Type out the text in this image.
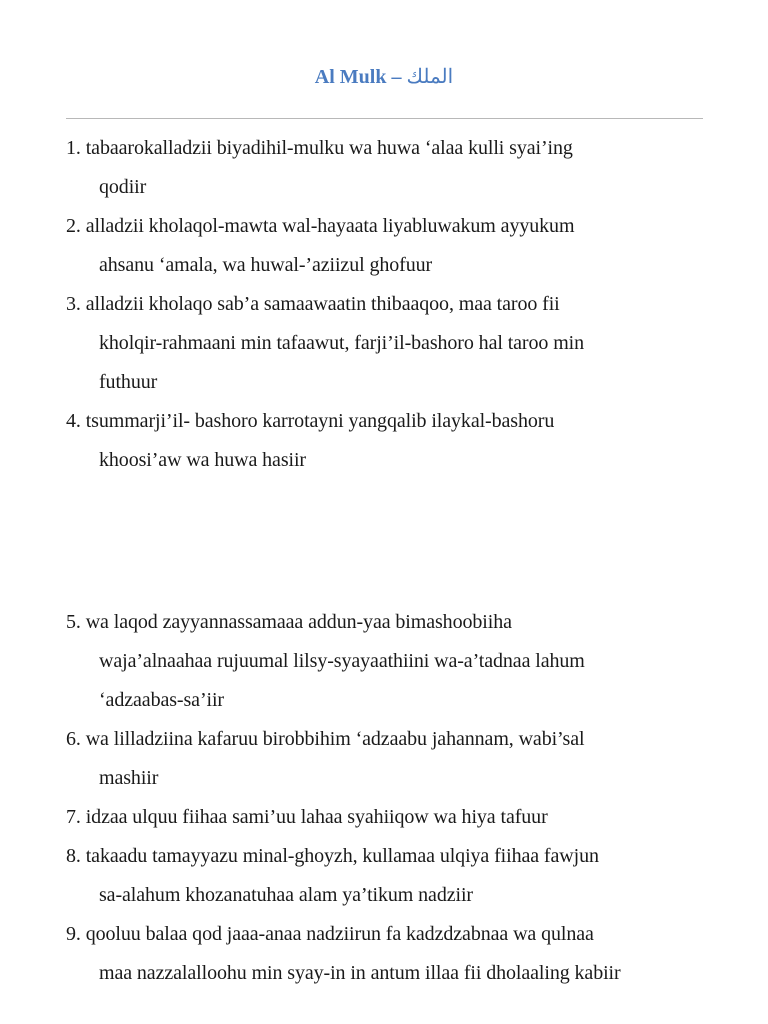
Al Mulk – الملك
1. tabaarokalladzii biyadihil-mulku wa huwa ‘alaa kulli syai’ing
qodiir
2. alladzii kholaqol-mawta wal-hayaata liyabluwakum ayyukum
ahsanu ‘amala, wa huwal-’aziizul ghofuur
3. alladzii kholaqo sab’a samaawaatin thibaaqoo, maa taroo fii
kholqir-rahmaani min tafaawut, farji’il-bashoro hal taroo min
futhuur
4. tsummarji’il- bashoro karrotayni yangqalib ilaykal-bashoru
khoosi’aw wa huwa hasiir
5. wa laqod zayyannassamaaa addun-yaa bimashoobiiha
waja’alnaahaa rujuumal lilsy-syayaathiini wa-a’tadnaa lahum
‘adzaabas-sa’iir
6. wa lilladziina kafaruu birobbihim ‘adzaabu jahannam, wabi’sal
mashiir
7. idzaa ulquu fiihaa sami’uu lahaa syahiiqow wa hiya tafuur
8. takaadu tamayyazu minal-ghoyzh, kullamaa ulqiya fiihaa fawjun
sa-alahum khozanatuhaa alam ya’tikum nadziir
9. qooluu balaa qod jaaa-anaa nadziirun fa kadzdzabnaa wa qulnaa
maa nazzalalloohu min syay-in in antum illaa fii dholaaling kabiir
